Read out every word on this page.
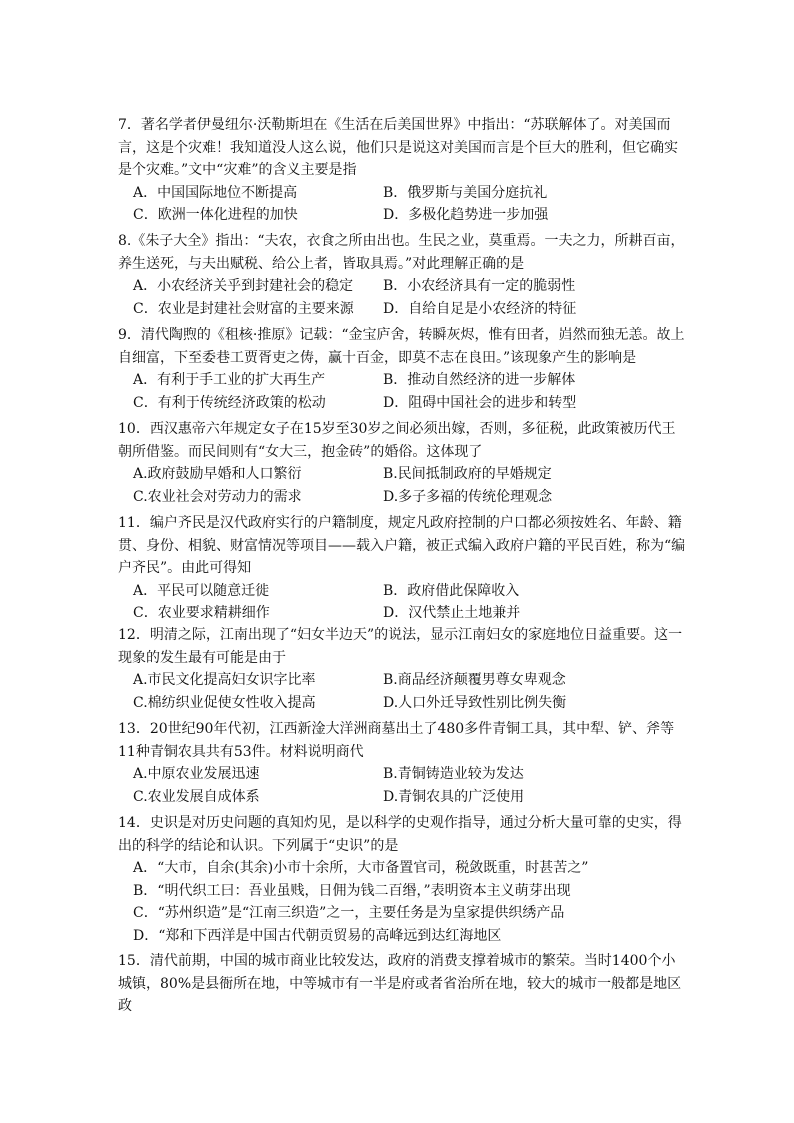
7．著名学者伊曼纽尔·沃勒斯坦在《生活在后美国世界》中指出：“苏联解体了。对美国而言，这是个灾难！我知道没人这么说，他们只是说这对美国而言是个巨大的胜利，但它确实是个灾难。”文中“灾难”的含义主要是指

A．中国国际地位不断提高	B．俄罗斯与美国分庭抗礼
C．欧洲一体化进程的加快	D．多极化趋势进一步加强

8.《朱子大全》指出：“夫农，衣食之所由出也。生民之业，莫重焉。一夫之力，所耕百亩，养生送死，与夫出赋税、给公上者，皆取具焉。”对此理解正确的是

A．小农经济关乎到封建社会的稳定	B．小农经济具有一定的脆弱性
C．农业是封建社会财富的主要来源	D．自给自足是小农经济的特征

9．清代陶煦的《租核·推原》记载：“金宝庐舍，转瞬灰烬，惟有田者，岿然而独无恙。故上自细富，下至委巷工贾胥吏之俦，赢十百金，即莫不志在良田。”该现象产生的影响是

A．有利于手工业的扩大再生产	B．推动自然经济的进一步解体
C．有利于传统经济政策的松动	D．阻碍中国社会的进步和转型

10．西汉惠帝六年规定女子在15岁至30岁之间必须出嫁，否则，多征税，此政策被历代王朝所借鉴。而民间则有“女大三，抱金砖”的婚俗。这体现了

A.政府鼓励早婚和人口繁衍	B.民间抵制政府的早婚规定
C.农业社会对劳动力的需求	D.多子多福的传统伦理观念

11．编户齐民是汉代政府实行的户籍制度，规定凡政府控制的户口都必须按姓名、年龄、籍贯、身份、相貌、财富情况等项目——载入户籍，被正式编入政府户籍的平民百姓，称为“编户齐民”。由此可得知

A．平民可以随意迁徙	B．政府借此保障收入
C．农业要求精耕细作	D．汉代禁止土地兼并

12．明清之际，江南出现了“妇女半边天”的说法，显示江南妇女的家庭地位日益重要。这一现象的发生最有可能是由于

A.市民文化提高妇女识字比率	B.商品经济颠覆男尊女卑观念
C.棉纺织业促使女性收入提高	D.人口外迁导致性别比例失衡

13．20世纪90年代初，江西新淦大洋洲商墓出土了480多件青铜工具，其中犁、铲、斧等11种青铜农具共有53件。材料说明商代

A.中原农业发展迅速	B.青铜铸造业较为发达
C.农业发展自成体系	D.青铜农具的广泛使用

14．史识是对历史问题的真知灼见，是以科学的史观作指导，通过分析大量可靠的史实，得出的科学的结论和认识。下列属于“史识”的是

A．“大市，自余(其余)小市十余所，大市备置官司，税敛既重，时甚苦之”
B．“明代织工曰：吾业虽贱，日佣为钱二百缗，”表明资本主义萌芽出现
C．“苏州织造”是“江南三织造”之一，主要任务是为皇家提供织绣产品
D．“郑和下西洋是中国古代朝贡贸易的高峰远到达红海地区

15．清代前期，中国的城市商业比较发达，政府的消费支撑着城市的繁荣。当时1400个小城镇，80%是县衙所在地，中等城市有一半是府或者省治所在地，较大的城市一般都是地区政
